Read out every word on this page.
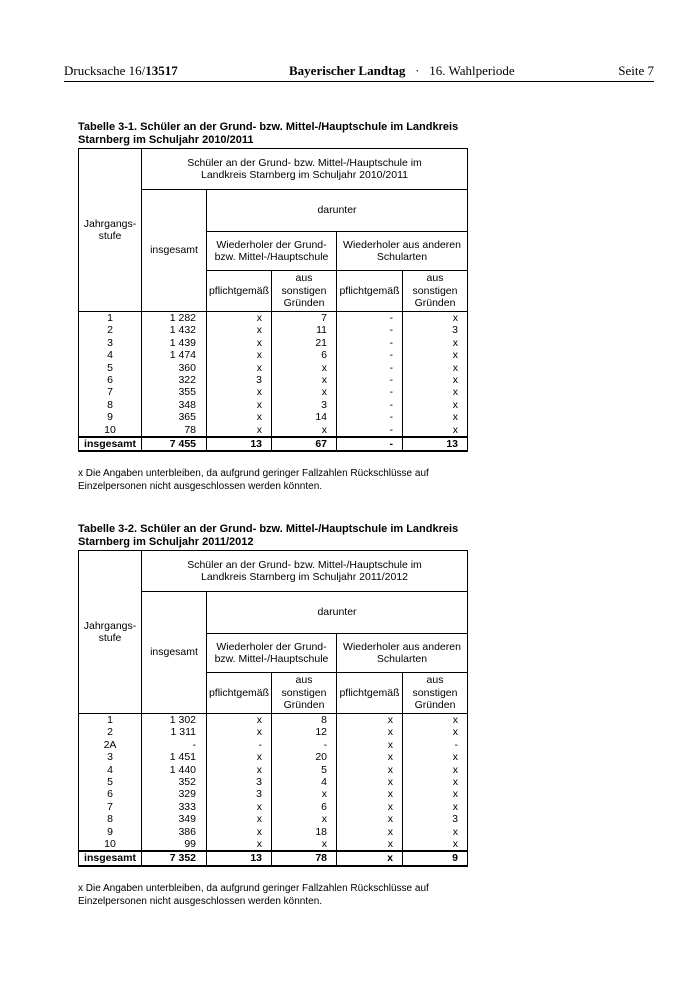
Drucksache 16/13517	Bayerischer Landtag · 16. Wahlperiode	Seite 7
Tabelle 3-1. Schüler an der Grund- bzw. Mittel-/Hauptschule im Landkreis Starnberg im Schuljahr 2010/2011
Jahrgangs-stufe	Schüler an der Grund- bzw. Mittel-/Hauptschule im Landkreis Starnberg im Schuljahr 2010/2011				
	insgesamt	darunter			
		Wiederholer der Grund- bzw. Mittel-/Hauptschule		Wiederholer aus anderen Schularten	
		pflichtgemäß	aus sonstigen Gründen	pflichtgemäß	aus sonstigen Gründen
1	1 282	x	7	-	x
2	1 432	x	11	-	3
3	1 439	x	21	-	x
4	1 474	x	6	-	x
5	360	x	x	-	x
6	322	3	x	-	x
7	355	x	x	-	x
8	348	x	3	-	x
9	365	x	14	-	x
10	78	x	x	-	x
insgesamt	7 455	13	67	-	13
x Die Angaben unterbleiben, da aufgrund geringer Fallzahlen Rückschlüsse auf Einzelpersonen nicht ausgeschlossen werden könnten.
Tabelle 3-2. Schüler an der Grund- bzw. Mittel-/Hauptschule im Landkreis Starnberg im Schuljahr 2011/2012
Jahrgangs-stufe	Schüler an der Grund- bzw. Mittel-/Hauptschule im Landkreis Starnberg im Schuljahr 2011/2012				
	insgesamt	darunter			
		Wiederholer der Grund- bzw. Mittel-/Hauptschule		Wiederholer aus anderen Schularten	
		pflichtgemäß	aus sonstigen Gründen	pflichtgemäß	aus sonstigen Gründen
1	1 302	x	8	x	x
2	1 311	x	12	x	x
2A	-	-	-	x	-
3	1 451	x	20	x	x
4	1 440	x	5	x	x
5	352	3	4	x	x
6	329	3	x	x	x
7	333	x	6	x	x
8	349	x	x	x	3
9	386	x	18	x	x
10	99	x	x	x	x
insgesamt	7 352	13	78	x	9
x Die Angaben unterbleiben, da aufgrund geringer Fallzahlen Rückschlüsse auf Einzelpersonen nicht ausgeschlossen werden könnten.
